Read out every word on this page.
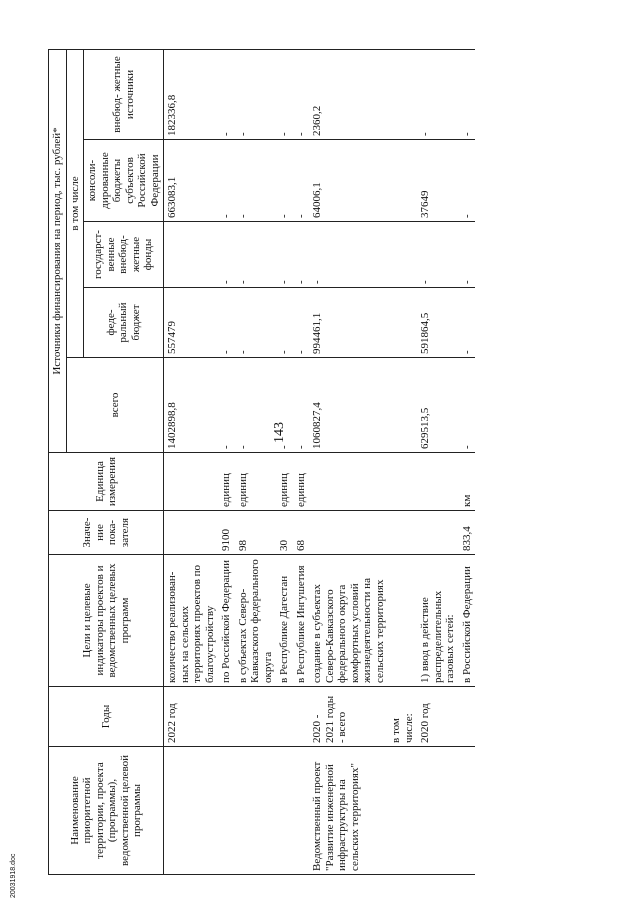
143
Наименование приоритетной территории, проекта (программы), ведомственной целевой программы	Годы	Цели и целевые индикаторы проектов и ведомственных целевых программ	Значе- ние пока- зателя	Единица измерения	Источники финансирования на период, тыс. рублей*				
					всего	в том числе			
						феде- ральный бюджет	государст- венные внебюд- жетные фонды	консоли- дированные бюджеты субъектов Российской Федерации	внебюд- жетные источники
	2022 год	количество реализован- ных на сельских территориях проектов по благоустройству			1402898,8	557479		663083,1	182336,8
		по Российской Федерации	9100	единиц	-	-	-	-	-
		в субъектах Северо- Кавказского федерального округа	98	единиц	-	-	-	-	-
		в Республике Дагестан	30	единиц	-	-	-	-	-
		в Республике Ингушетия	68	единиц	-	-	-	-	-
Ведомственный проект "Развитие инженерной инфраструктуры на сельских территориях"	2020 - 2021 годы - всего	создание в субъектах Северо-Кавказского федерального округа комфортных условий жизнедеятельности на сельских территориях			1060827,4	994461,1	-	64006,1	2360,2
	в том числе:								
	2020 год	1) ввод в действие распределительных газовых сетей:			629513,5	591864,5	-	37649	-
		в Российской Федерации	833,4	км	-	-	-	-	-
20031918.doc
